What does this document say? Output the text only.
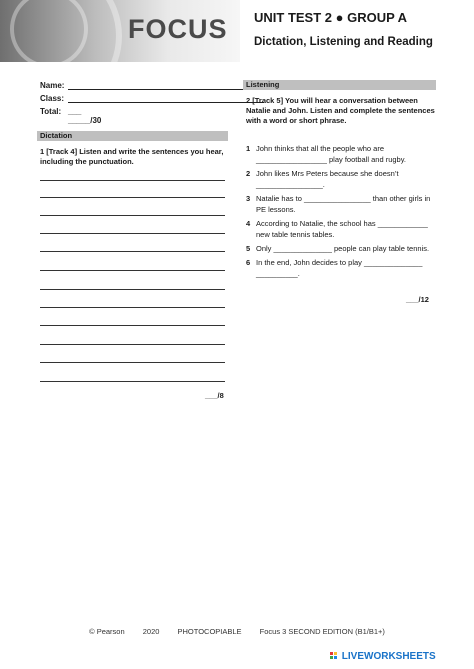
FOCUS UNIT TEST 2 ● GROUP A
Dictation, Listening and Reading
Name:
Class:
Total: ___ _____/30
Dictation
1 [Track 4] Listen and write the sentences you hear, including the punctuation.
___/8
Listening
2 [Track 5] You will hear a conversation between Natalie and John. Listen and complete the sentences with a word or short phrase.
1 John thinks that all the people who are _________________ play football and rugby.
2 John likes Mrs Peters because she doesn’t ________________.
3 Natalie has to ________________ than other girls in PE lessons.
4 According to Natalie, the school has ____________ new table tennis tables.
5 Only ______________ people can play table tennis.
6 In the end, John decides to play ______________ __________.
___/12
© Pearson 2020 PHOTOCOPIABLE Focus 3 SECOND EDITION (B1/B1+)

LIVEWORKSHEETS
